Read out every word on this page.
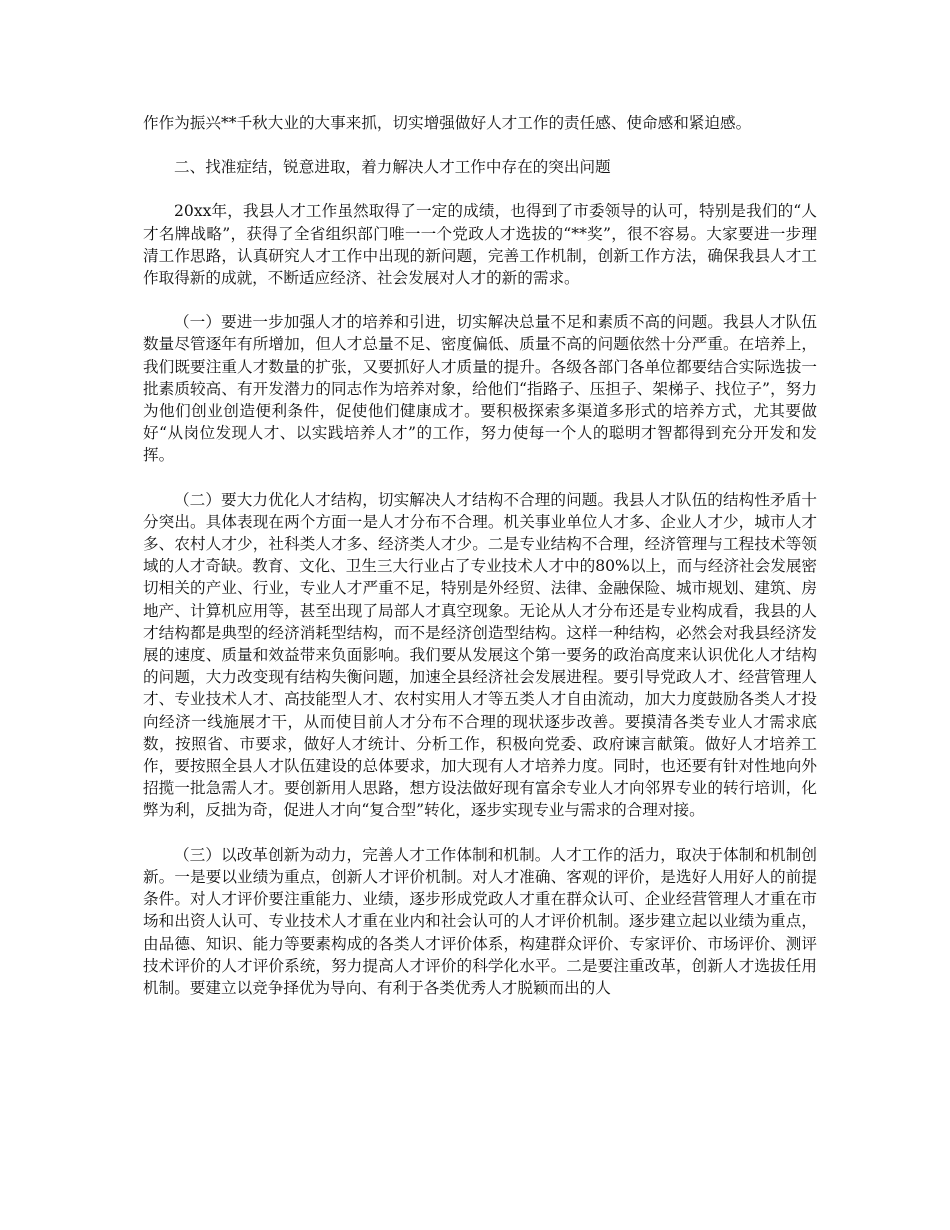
作作为振兴**千秋大业的大事来抓，切实增强做好人才工作的责任感、使命感和紧迫感。

二、找准症结，锐意进取，着力解决人才工作中存在的突出问题

20xx年，我县人才工作虽然取得了一定的成绩，也得到了市委领导的认可，特别是我们的“人才名牌战略”，获得了全省组织部门唯一一个党政人才选拔的“**奖”，很不容易。大家要进一步理清工作思路，认真研究人才工作中出现的新问题，完善工作机制，创新工作方法，确保我县人才工作取得新的成就，不断适应经济、社会发展对人才的新的需求。

（一）要进一步加强人才的培养和引进，切实解决总量不足和素质不高的问题。我县人才队伍数量尽管逐年有所增加，但人才总量不足、密度偏低、质量不高的问题依然十分严重。在培养上，我们既要注重人才数量的扩张，又要抓好人才质量的提升。各级各部门各单位都要结合实际选拔一批素质较高、有开发潜力的同志作为培养对象，给他们“指路子、压担子、架梯子、找位子”，努力为他们创业创造便利条件，促使他们健康成才。要积极探索多渠道多形式的培养方式，尤其要做好“从岗位发现人才、以实践培养人才”的工作，努力使每一个人的聪明才智都得到充分开发和发挥。

（二）要大力优化人才结构，切实解决人才结构不合理的问题。我县人才队伍的结构性矛盾十分突出。具体表现在两个方面一是人才分布不合理。机关事业单位人才多、企业人才少，城市人才多、农村人才少，社科类人才多、经济类人才少。二是专业结构不合理，经济管理与工程技术等领域的人才奇缺。教育、文化、卫生三大行业占了专业技术人才中的80%以上，而与经济社会发展密切相关的产业、行业，专业人才严重不足，特别是外经贸、法律、金融保险、城市规划、建筑、房地产、计算机应用等，甚至出现了局部人才真空现象。无论从人才分布还是专业构成看，我县的人才结构都是典型的经济消耗型结构，而不是经济创造型结构。这样一种结构，必然会对我县经济发展的速度、质量和效益带来负面影响。我们要从发展这个第一要务的政治高度来认识优化人才结构的问题，大力改变现有结构失衡问题，加速全县经济社会发展进程。要引导党政人才、经营管理人才、专业技术人才、高技能型人才、农村实用人才等五类人才自由流动，加大力度鼓励各类人才投向经济一线施展才干，从而使目前人才分布不合理的现状逐步改善。要摸清各类专业人才需求底数，按照省、市要求，做好人才统计、分析工作，积极向党委、政府谏言献策。做好人才培养工作，要按照全县人才队伍建设的总体要求，加大现有人才培养力度。同时，也还要有针对性地向外招揽一批急需人才。要创新用人思路，想方设法做好现有富余专业人才向邻界专业的转行培训，化弊为利，反拙为奇，促进人才向“复合型”转化，逐步实现专业与需求的合理对接。

（三）以改革创新为动力，完善人才工作体制和机制。人才工作的活力，取决于体制和机制创新。一是要以业绩为重点，创新人才评价机制。对人才准确、客观的评价，是选好人用好人的前提条件。对人才评价要注重能力、业绩，逐步形成党政人才重在群众认可、企业经营管理人才重在市场和出资人认可、专业技术人才重在业内和社会认可的人才评价机制。逐步建立起以业绩为重点，由品德、知识、能力等要素构成的各类人才评价体系，构建群众评价、专家评价、市场评价、测评技术评价的人才评价系统，努力提高人才评价的科学化水平。二是要注重改革，创新人才选拔任用机制。要建立以竞争择优为导向、有利于各类优秀人才脱颖而出的人
